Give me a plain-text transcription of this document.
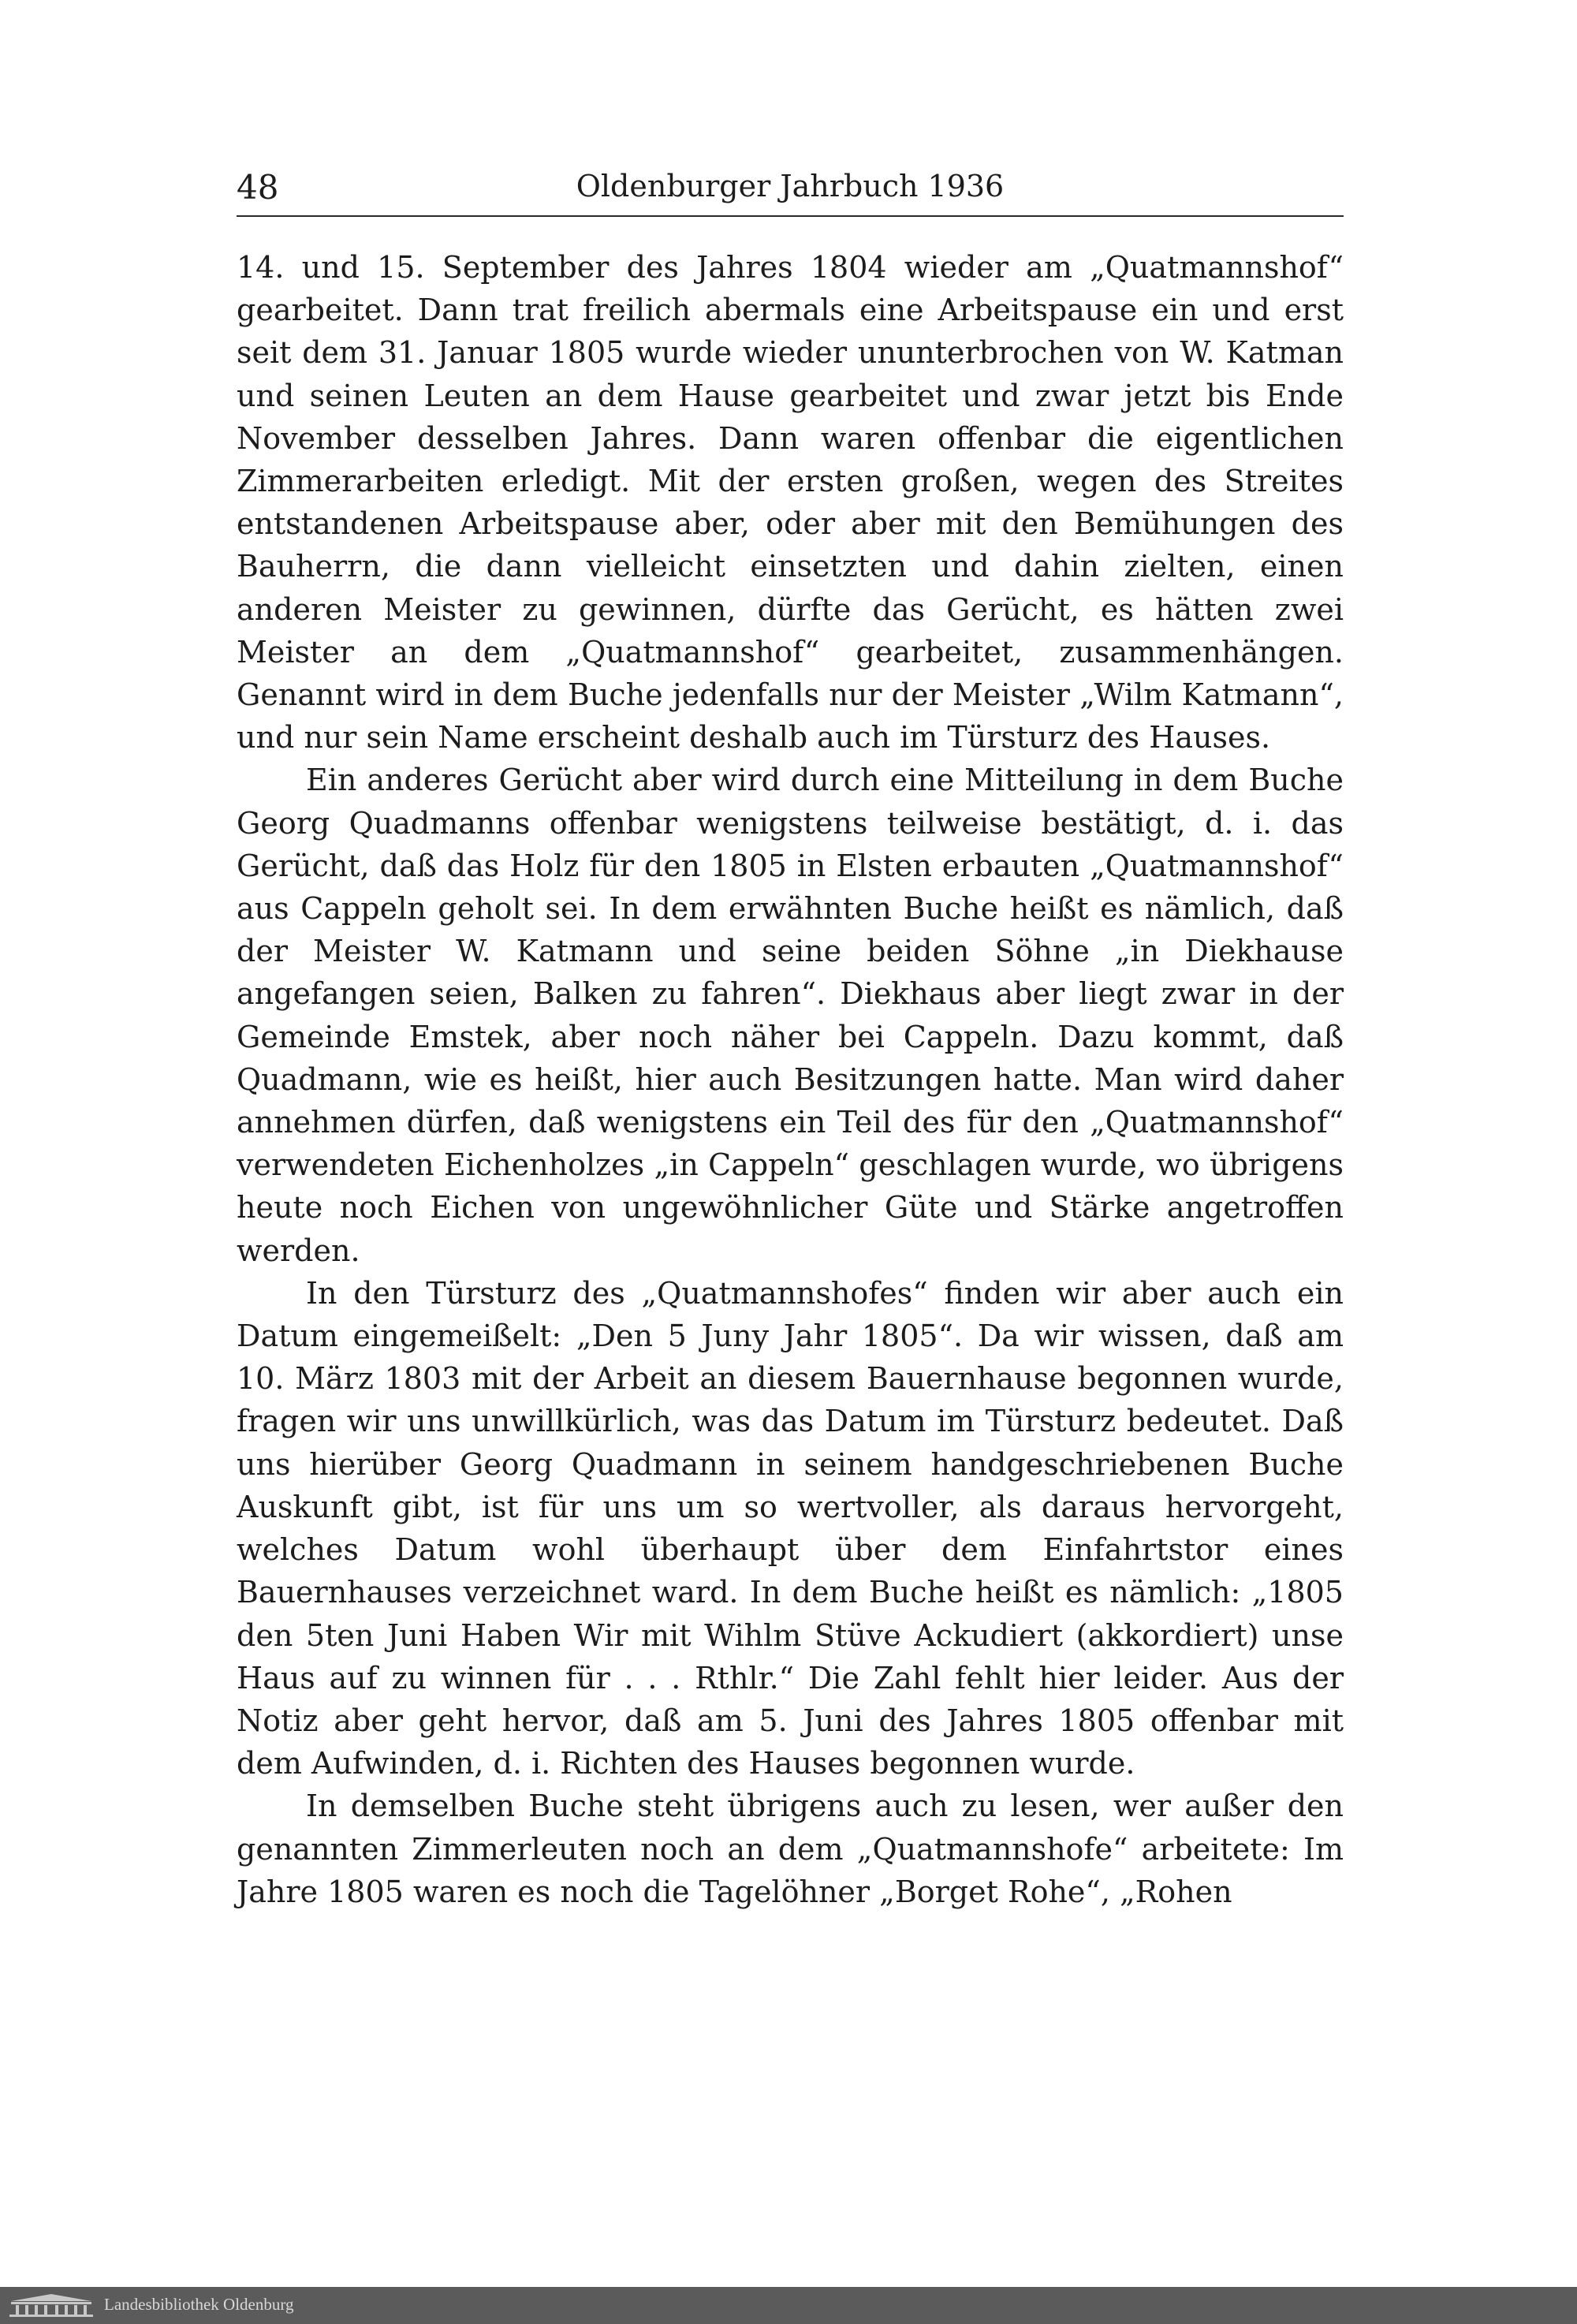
48	Oldenburger Jahrbuch 1936

14. und 15. September des Jahres 1804 wieder am „Quatmannshof“ gearbeitet. Dann trat freilich abermals eine Arbeitspause ein und erst seit dem 31. Januar 1805 wurde wieder ununterbrochen von W. Katman und seinen Leuten an dem Hause gearbeitet und zwar jetzt bis Ende November desselben Jahres. Dann waren offenbar die eigentlichen Zimmerarbeiten erledigt. Mit der ersten großen, wegen des Streites entstandenen Arbeitspause aber, oder aber mit den Bemühungen des Bauherrn, die dann vielleicht einsetzten und dahin zielten, einen anderen Meister zu gewinnen, dürfte das Gerücht, es hätten zwei Meister an dem „Quatmannshof“ gearbeitet, zusammenhängen. Genannt wird in dem Buche jedenfalls nur der Meister „Wilm Katmann“, und nur sein Name erscheint deshalb auch im Türsturz des Hauses.

Ein anderes Gerücht aber wird durch eine Mitteilung in dem Buche Georg Quadmanns offenbar wenigstens teilweise bestätigt, d. i. das Gerücht, daß das Holz für den 1805 in Elsten erbauten „Quatmannshof“ aus Cappeln geholt sei. In dem erwähnten Buche heißt es nämlich, daß der Meister W. Katmann und seine beiden Söhne „in Diekhause angefangen seien, Balken zu fahren“. Diekhaus aber liegt zwar in der Gemeinde Emstek, aber noch näher bei Cappeln. Dazu kommt, daß Quadmann, wie es heißt, hier auch Besitzungen hatte. Man wird daher annehmen dürfen, daß wenigstens ein Teil des für den „Quatmannshof“ verwendeten Eichenholzes „in Cappeln“ geschlagen wurde, wo übrigens heute noch Eichen von ungewöhnlicher Güte und Stärke angetroffen werden.

In den Türsturz des „Quatmannshofes“ finden wir aber auch ein Datum eingemeißelt: „Den 5 Juny Jahr 1805“. Da wir wissen, daß am 10. März 1803 mit der Arbeit an diesem Bauernhause begonnen wurde, fragen wir uns unwillkürlich, was das Datum im Türsturz bedeutet. Daß uns hierüber Georg Quadmann in seinem handgeschriebenen Buche Auskunft gibt, ist für uns um so wertvoller, als daraus hervorgeht, welches Datum wohl überhaupt über dem Einfahrtstor eines Bauernhauses verzeichnet ward. In dem Buche heißt es nämlich: „1805 den 5ten Juni Haben Wir mit Wihlm Stüve Ackudiert (akkordiert) unse Haus auf zu winnen für . . . Rthlr.“ Die Zahl fehlt hier leider. Aus der Notiz aber geht hervor, daß am 5. Juni des Jahres 1805 offenbar mit dem Aufwinden, d. i. Richten des Hauses begonnen wurde.

In demselben Buche steht übrigens auch zu lesen, wer außer den genannten Zimmerleuten noch an dem „Quatmannshofe“ arbeitete: Im Jahre 1805 waren es noch die Tagelöhner „Borget Rohe“, „Rohen

Landesbibliothek Oldenburg
